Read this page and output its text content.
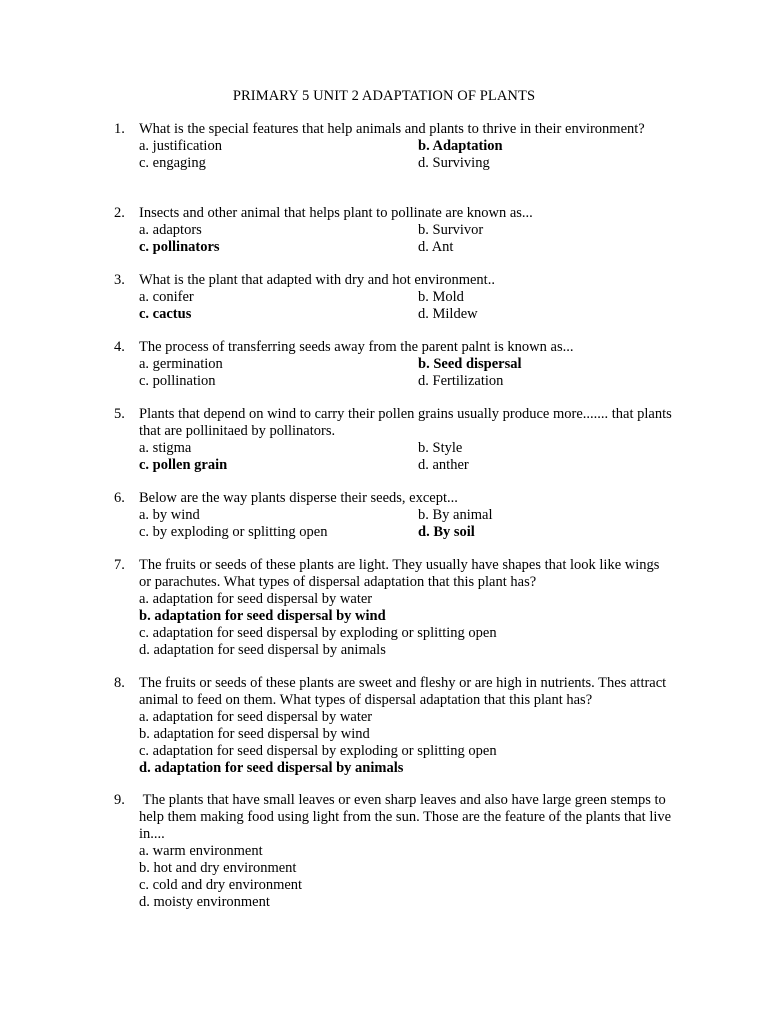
PRIMARY 5 UNIT 2 ADAPTATION OF PLANTS
1. What is the special features that help animals and plants to thrive in their environment?
a. justification	b. Adaptation
c. engaging	d. Surviving
2. Insects and other animal that helps plant to pollinate are known as...
a. adaptors	b. Survivor
c. pollinators	d. Ant
3. What is the plant that adapted with dry and hot environment..
a. conifer	b. Mold
c. cactus	d. Mildew
4. The process of transferring seeds away from the parent palnt is known as...
a. germination	b. Seed dispersal
c. pollination	d. Fertilization
5. Plants that depend on wind to carry their pollen grains usually produce more....... that plants that are pollinitaed by pollinators.
a. stigma	b. Style
c. pollen grain	d. anther
6. Below are the way plants disperse their seeds, except...
a. by wind	b. By animal
c. by exploding or splitting open	d. By soil
7. The fruits or seeds of these plants are light. They usually have shapes that look like wings or parachutes. What types of dispersal adaptation that this plant has?
a. adaptation for seed dispersal by water
b. adaptation for seed dispersal by wind
c. adaptation for seed dispersal by exploding or splitting open
d. adaptation for seed dispersal by animals
8. The fruits or seeds of these plants are sweet and fleshy or are high in nutrients. Thes attract animal to feed on them. What types of dispersal adaptation that this plant has?
a. adaptation for seed dispersal by water
b. adaptation for seed dispersal by wind
c. adaptation for seed dispersal by exploding or splitting open
d. adaptation for seed dispersal by animals
9. The plants that have small leaves or even sharp leaves and also have large green stemps to help them making food using light from the sun. Those are the feature of the plants that live in....
a. warm environment
b. hot and dry environment
c. cold and dry environment
d. moisty environment
